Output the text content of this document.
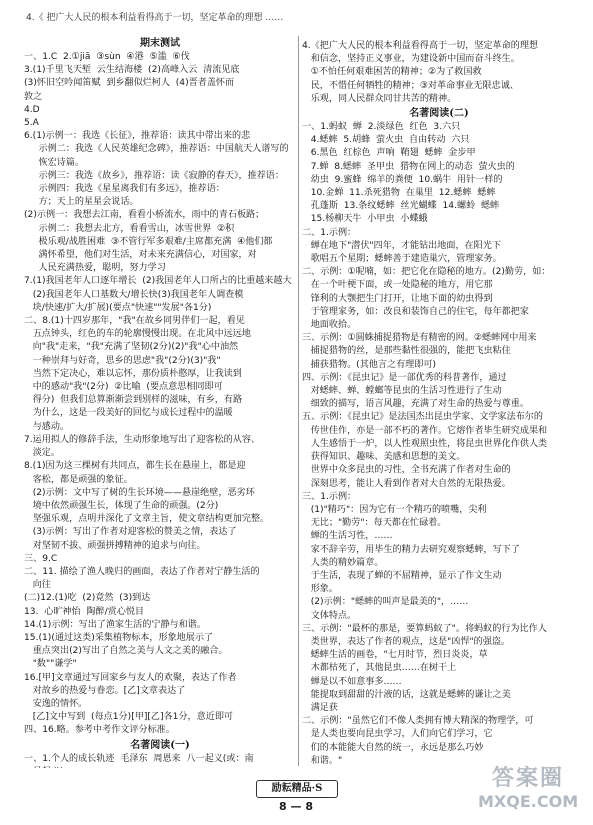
4.《 把广大人民的根本利益看得高于一切，坚定革命的理想 ……

期末测试

一、1.C  2.①jiā  ③sùn  ④港  ⑤滥  ⑥伐

3.(1)千里飞天堑  云生结海楼  (2)高峰入云  清流见底

(3)怀旧空吟闻笛赋  到乡翻似烂柯人  (4)晋者盖怀而

敦之

4.D

5.A

6.(1)示例一：我选《长征》，推荐语：读其中带出来的悲

示例二：我选《人民英雄纪念碑》，推荐语：中国航天人谱写的

恢宏诗篇。

示例三：我选《故乡》，推荐语：读《寂静的春天》，推荐语：

示例四：我选《星星离我们有多远》，推荐语：

方；天上的星星会说话。

(2)示例一：我想去江南，看看小桥流水，雨中的青石板路；

示例二：我想去北方，看看雪山，冰雪世界  ②积

极乐观/战胜困难  ③不管行军多艰难/主席都充满  ④他们都

满怀希望，他们对生活，对未来充满信心，对国家，对

人民充满热爱，聪明，努力学习

7.(1)我国老年人口逐年增长  (2)我国老年人口所占的比重越来越大

(2)我国老年人口基数大/增长快(3)我国老年人调查模

块/快速/扩大/扩展)(要点"快速""发展"各1分)

二、8.(1)十四岁那年，"我"在故乡同男伴们一起，看见

五点钟头，红色的车的轮廓慢慢出现。在北风中远远地

向"我"走来，"我"充满了坚韧(2分)(2)"我"心中油然

一种崇拜与好奇，思乡的思虑"我"(2分)(3)"我"

当然下定决心，难以忘怀，那份质朴憨厚，让我读到

中的感动"我"(2分)  ②比喻  (要点意思相同即可

得分)  但我们总算渐渐尝到别样的滋味，有乡，有路

为什么，这是一段美好的回忆与成长过程中的温暖

与感动。

7.运用拟人的修辞手法，生动形象地写出了迎客松的从容、

淡定。

8.(1)因为这三棵树有共同点，都生长在悬崖上，都是迎

客松，都是顽强的象征。

(2)示例：文中写了树的生长环境——悬崖绝壁，恶劣环

境中依然顽强生长，体现了生命的顽强。(2分)

坚强乐观，点明并深化了文章主旨，使文章结构更加完整。

(3)示例：写出了作者对迎客松的赞美之情，表达了

对坚韧不拔、顽强拼搏精神的追求与向往。

三、9.C

二、11. 描绘了渔人晚归的画面，表达了作者对宁静生活的

向往

(二)12.(1)吃  (2)竟然  (3)到达

13.  心旷神怡  陶醉/赏心悦目

14.(1)示例：写出了渔家生活的宁静与和谐。

15.(1)(通过这类)采集植物标本，形象地展示了

重点突出(2)写出了自然之美与人文之美的融合。

"数""谦学"

16.[甲]文章通过写回家乡与友人的欢聚，表达了作者

对故乡的热爱与眷恋。[乙]文章表达了

安逸的情怀。

[乙]文中写到  (每点1分)[甲][乙]各1分，意近即可

四、16.略。参考中考作文评分标准。

名著阅读(一)

一、1.个人的成长轨迹  毛泽东  周恩来  八一起义(或：南

4.《把广大人民的根本利益看得高于一切，坚定革命的理想

和信念，坚持正义事业，为建设新中国而奋斗终生。

①不怕任何艰难困苦的精神；②为了救国救

民，不惜任何牺牲的精神；③对革命事业无限忠诚、

乐观，同人民群众同甘共苦的精神。

名著阅读(二)

一、1.蚂蚁  蝉  2.淡绿色  红色  3.六只

4.蟋蟀  5.胡蜂  萤火虫  自由转动  六只

6.黑色  红棕色  声响  鞘翅  蟋蟀  金步甲

7.蝉  8.蟋蟀  圣甲虫  猎物在网上的动态  萤火虫的

幼虫  9.蜜蜂  绵羊的粪便  10.蜗牛  用针一样的

10.金蝉  11.杀死猎物  在巢里  12.蟋蟀  蟋蟀

孔蓬斯  13.条纹蟋蟀  丝光蝴蝶  14.螺蛉  蟋蟀

15.杨柳天牛  小甲虫  小蝶蛾

二、1.示例：

蝉在地下"潜伏"四年，才能钻出地面，在阳光下

歌唱五个星期；蟋蟀善于建造巢穴，管理家务。

二、示例：①呢喃，如：把它化在隐秘的地方。(2)勤劳，如：

在一个叶梗下面，或一处隐秘的地方，用它那

锋利的大颚把生门打开，让地下面的幼虫得到

于管理家务，如：改良和装饰自己的住宅，每年都把家

地面收拾。

三、示例：①圆蛛捕捉猎物是有精密的网。②蟋蟀网中用来

捕捉猎物的丝，是那些黏性很强的，能把飞虫粘住

捕获猎物。(其他言之有理即可)

四、示例：《昆虫记》是一部优秀的科普著作，通过

对蟋蟀、蝉、螳螂等昆虫的生活习性进行了生动

细致的描写，语言风趣，充满了对生命的热爱与尊重。

五、示例：《昆虫记》是法国杰出昆虫学家、文学家法布尔的

传世佳作，亦是一部不朽的著作。它熔作者毕生研究成果和

人生感悟于一炉，以人性观照虫性，将昆虫世界化作供人类

获得知识、趣味、美感和思想的美文。

世界中众多昆虫的习性，全书充满了作者对生命的

深刻思考，能让人看到作者对大自然的无限热爱。

三、1.示例：

(1)"精巧"：因为它有一个精巧的喷嘴，尖利

无比；"勤劳"：每天都在忙碌着。

蝉的生活习性，……

家不辞辛劳，用毕生的精力去研究观察蟋蟀，写下了

人类的精妙篇章。

于生活，表现了蝉的不屈精神，显示了作文生动

形象。

(2)示例："蟋蟀的叫声是最美的"，……

文体特点。

三、示例："最杯的那是，要算蚂蚁了"。将蚂蚁的行为比作人

类世界，表达了作者的观点，这是"凶悍"的强盗。

蟋蟀生活的画卷，"七月时节，烈日炎炎，草

木都枯死了，其他昆虫……在树干上

蝉是以不如意事多……

能提取到甜甜的汁液的话，这就是蟋蟀的谦让之美

满足获

二、示例："虽然它们不像人类拥有博大精深的物理学，可

是人类也要向昆虫学习，人们向它们学习，它

们的本能能大自然的统一，永远是那么巧妙

和谐。"

励耘精品·S
8 — 8
答案圈
MXQE.COM
